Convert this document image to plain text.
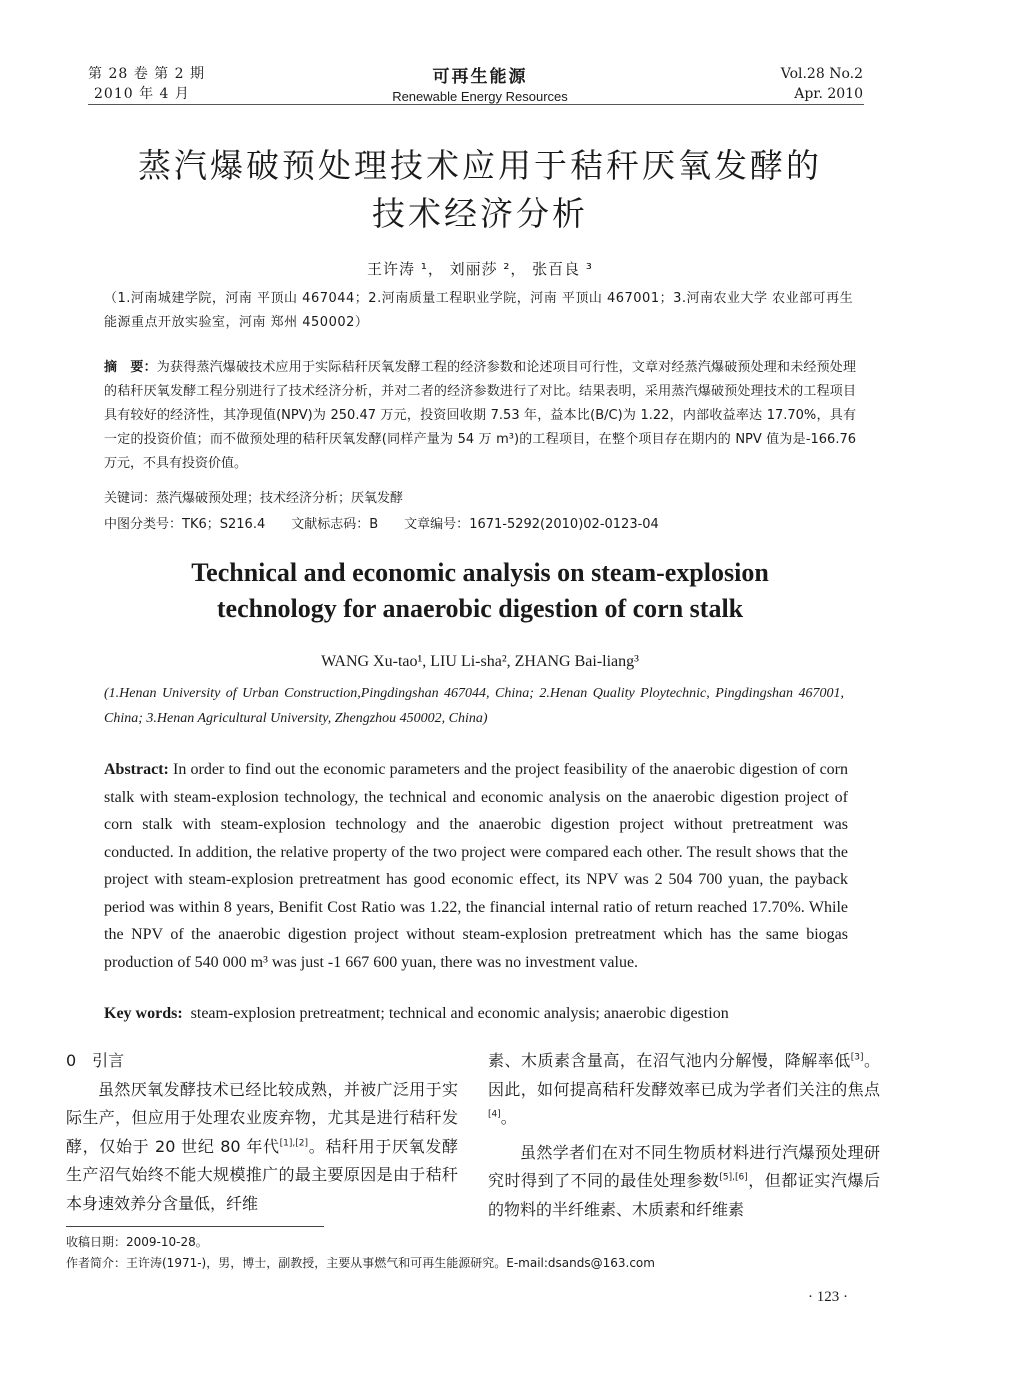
第 28 卷 第 2 期
2010 年 4 月
可再生能源
Renewable Energy Resources
Vol.28 No.2
Apr. 2010
蒸汽爆破预处理技术应用于秸秆厌氧发酵的
技术经济分析
王许涛 ¹， 刘丽莎 ²， 张百良 ³
（1.河南城建学院，河南 平顶山 467044；2.河南质量工程职业学院，河南 平顶山 467001；3.河南农业大学 农业部可再生能源重点开放实验室，河南 郑州 450002）
摘　要：为获得蒸汽爆破技术应用于实际秸秆厌氧发酵工程的经济参数和论述项目可行性，文章对经蒸汽爆破预处理和未经预处理的秸秆厌氧发酵工程分别进行了技术经济分析，并对二者的经济参数进行了对比。结果表明，采用蒸汽爆破预处理技术的工程项目具有较好的经济性，其净现值(NPV)为 250.47 万元，投资回收期 7.53 年，益本比(B/C)为 1.22，内部收益率达 17.70%，具有一定的投资价值；而不做预处理的秸秆厌氧发酵(同样产量为 54 万 m³)的工程项目，在整个项目存在期内的 NPV 值为是-166.76 万元，不具有投资价值。
关键词：蒸汽爆破预处理；技术经济分析；厌氧发酵
中图分类号：TK6；S216.4 文献标志码：B 文章编号：1671-5292(2010)02-0123-04
Technical and economic analysis on steam-explosion
technology for anaerobic digestion of corn stalk
WANG Xu-tao¹, LIU Li-sha², ZHANG Bai-liang³
(1.Henan University of Urban Construction,Pingdingshan 467044, China; 2.Henan Quality Ploytechnic, Pingdingshan 467001, China; 3.Henan Agricultural University, Zhengzhou 450002, China)
Abstract: In order to find out the economic parameters and the project feasibility of the anaerobic digestion of corn stalk with steam-explosion technology, the technical and economic analysis on the anaerobic digestion project of corn stalk with steam-explosion technology and the anaerobic digestion project without pretreatment was conducted. In addition, the relative property of the two project were compared each other. The result shows that the project with steam-explosion pretreatment has good economic effect, its NPV was 2 504 700 yuan, the payback period was within 8 years, Benifit Cost Ratio was 1.22, the financial internal ratio of return reached 17.70%. While the NPV of the anaerobic digestion project without steam-explosion pretreatment which has the same biogas production of 540 000 m³ was just -1 667 600 yuan, there was no investment value.
Key words: steam-explosion pretreatment; technical and economic analysis; anaerobic digestion

0　引言

虽然厌氧发酵技术已经比较成熟，并被广泛用于实际生产，但应用于处理农业废弃物，尤其是进行秸秆发酵，仅始于 20 世纪 80 年代[1],[2]。秸秆用于厌氧发酵生产沼气始终不能大规模推广的最主要原因是由于秸秆本身速效养分含量低，纤维
素、木质素含量高，在沼气池内分解慢，降解率低[3]。因此，如何提高秸秆发酵效率已成为学者们关注的焦点[4]。
虽然学者们在对不同生物质材料进行汽爆预处理研究时得到了不同的最佳处理参数[5],[6]，但都证实汽爆后的物料的半纤维素、木质素和纤维素
收稿日期：2009-10-28。
作者简介：王许涛(1971-)，男，博士，副教授，主要从事燃气和可再生能源研究。E-mail:dsands@163.com
· 123 ·
